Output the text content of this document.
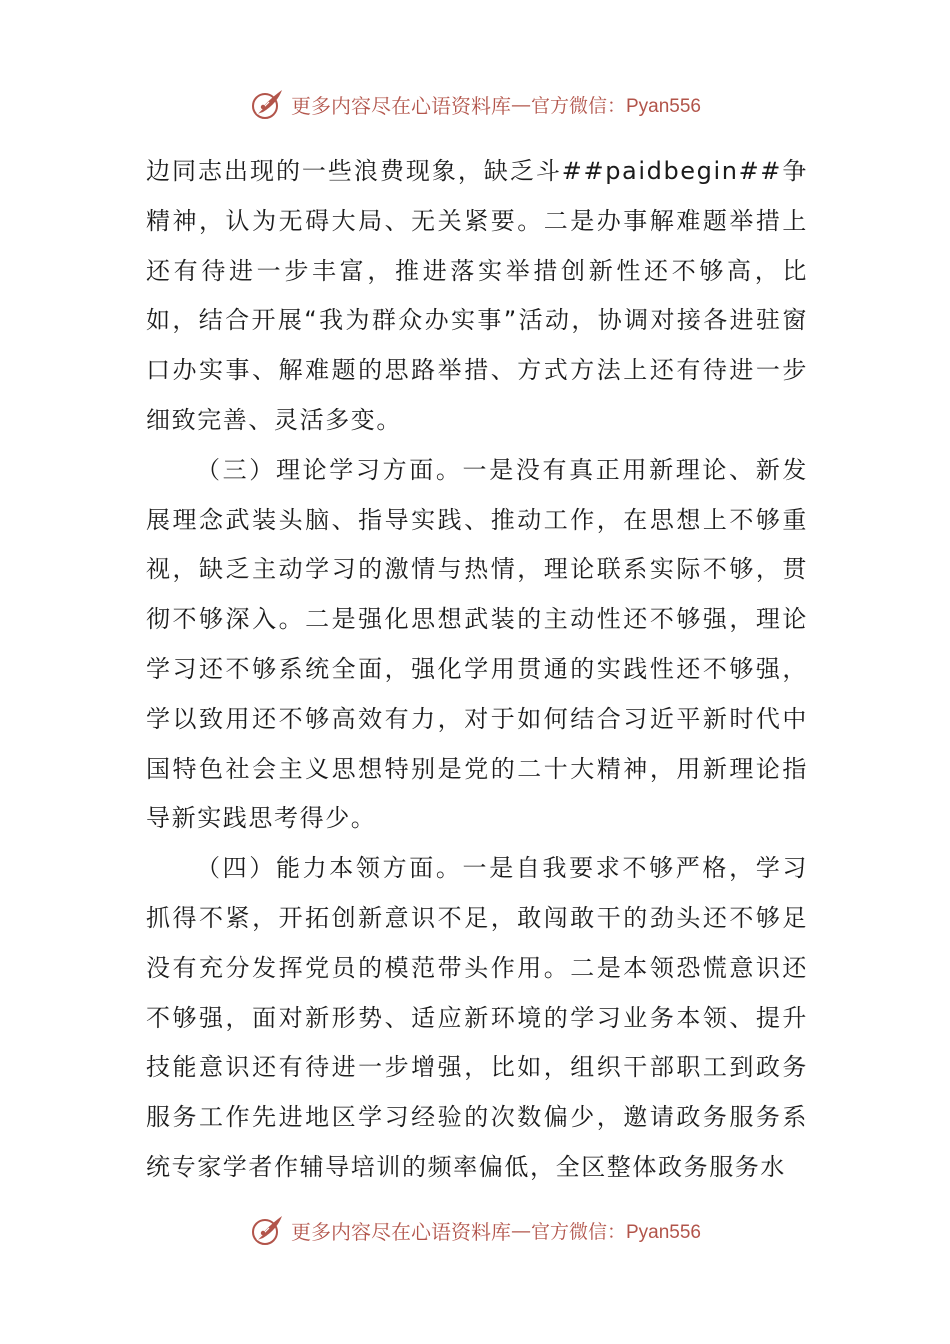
更多内容尽在心语资料库 — 官方微信：Pyan556

边同志出现的一些浪费现象，缺乏斗##paidbegin##争精神，认为无碍大局、无关紧要。二是办事解难题举措上还有待进一步丰富，推进落实举措创新性还不够高，比如，结合开展“我为群众办实事”活动，协调对接各进驻窗口办实事、解难题的思路举措、方式方法上还有待进一步细致完善、灵活多变。

（三）理论学习方面。一是没有真正用新理论、新发展理念武装头脑、指导实践、推动工作，在思想上不够重视，缺乏主动学习的激情与热情，理论联系实际不够，贯彻不够深入。二是强化思想武装的主动性还不够强，理论学习还不够系统全面，强化学用贯通的实践性还不够强，学以致用还不够高效有力，对于如何结合习近平新时代中国特色社会主义思想特别是党的二十大精神，用新理论指导新实践思考得少。

（四）能力本领方面。一是自我要求不够严格，学习抓得不紧，开拓创新意识不足，敢闯敢干的劲头还不够足没有充分发挥党员的模范带头作用。二是本领恐慌意识还不够强，面对新形势、适应新环境的学习业务本领、提升技能意识还有待进一步增强，比如，组织干部职工到政务服务工作先进地区学习经验的次数偏少，邀请政务服务系统专家学者作辅导培训的频率偏低，全区整体政务服务水

更多内容尽在心语资料库 — 官方微信：Pyan556
